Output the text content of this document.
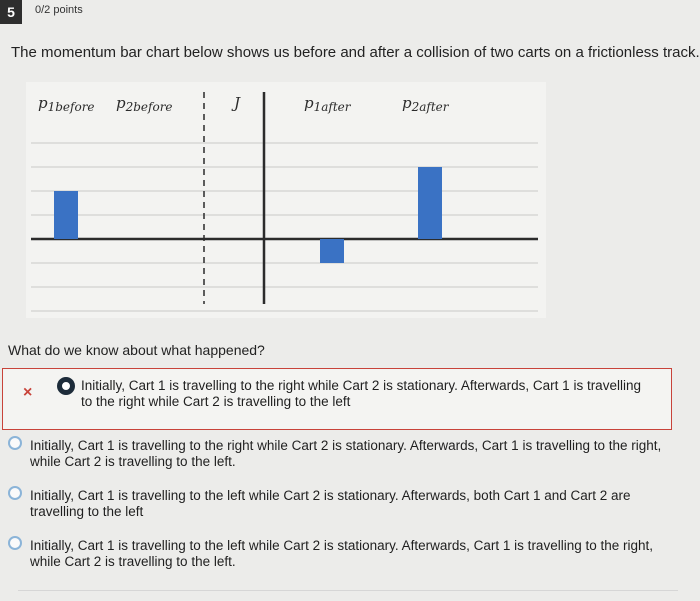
5	0/2 points
The momentum bar chart below shows us before and after a collision of two carts on a frictionless track.
$p_{1before}$ $p_{2before}$	J	$p_{1after}$	$p_{2after}$
What do we know about what happened?
×	Initially, Cart 1 is travelling to the right while Cart 2 is stationary. Afterwards, Cart 1 is travelling to the right while Cart 2 is travelling to the left
Initially, Cart 1 is travelling to the right while Cart 2 is stationary. Afterwards, Cart 1 is travelling to the right, while Cart 2 is travelling to the left.
Initially, Cart 1 is travelling to the left while Cart 2 is stationary. Afterwards, both Cart 1 and Cart 2 are travelling to the left
Initially, Cart 1 is travelling to the left while Cart 2 is stationary. Afterwards, Cart 1 is travelling to the right, while Cart 2 is travelling to the left.
